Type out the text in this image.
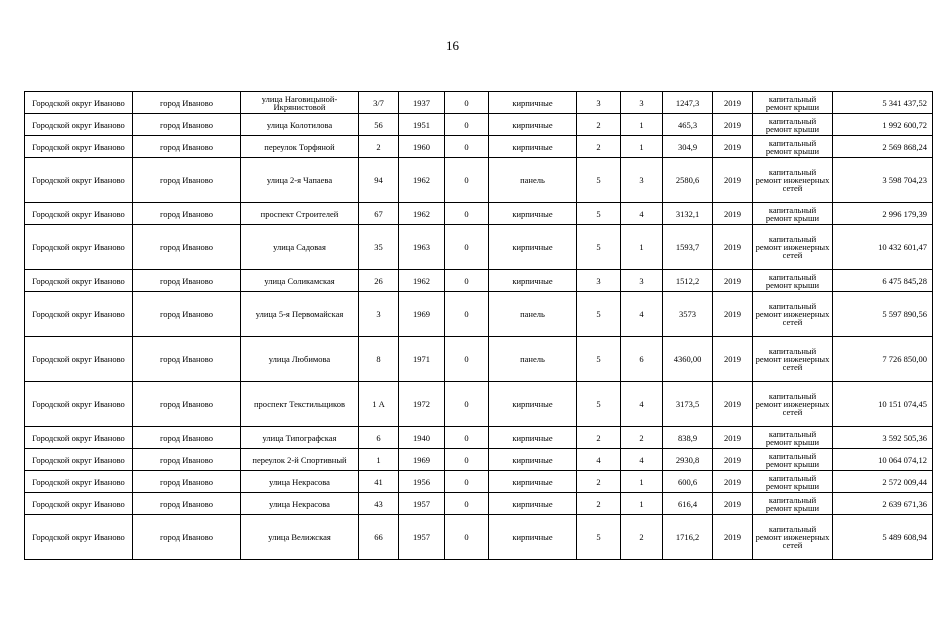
16
Городской округ Иваново	город Иваново	улица Наговицыной-Икрянистовой	3/7	1937	0	кирпичные	3	3	1247,3	2019	капитальный ремонт крыши	5 341 437,52
Городской округ Иваново	город Иваново	улица Колотилова	56	1951	0	кирпичные	2	1	465,3	2019	капитальный ремонт крыши	1 992 600,72
Городской округ Иваново	город Иваново	переулок Торфяной	2	1960	0	кирпичные	2	1	304,9	2019	капитальный ремонт крыши	2 569 868,24
Городской округ Иваново	город Иваново	улица 2-я Чапаева	94	1962	0	панель	5	3	2580,6	2019	капитальный ремонт инженерных сетей	3 598 704,23
Городской округ Иваново	город Иваново	проспект Строителей	67	1962	0	кирпичные	5	4	3132,1	2019	капитальный ремонт крыши	2 996 179,39
Городской округ Иваново	город Иваново	улица Садовая	35	1963	0	кирпичные	5	1	1593,7	2019	капитальный ремонт инженерных сетей	10 432 601,47
Городской округ Иваново	город Иваново	улица Соликамская	26	1962	0	кирпичные	3	3	1512,2	2019	капитальный ремонт крыши	6 475 845,28
Городской округ Иваново	город Иваново	улица 5-я Первомайская	3	1969	0	панель	5	4	3573	2019	капитальный ремонт инженерных сетей	5 597 890,56
Городской округ Иваново	город Иваново	улица Любимова	8	1971	0	панель	5	6	4360,00	2019	капитальный ремонт инженерных сетей	7 726 850,00
Городской округ Иваново	город Иваново	проспект Текстильщиков	1 А	1972	0	кирпичные	5	4	3173,5	2019	капитальный ремонт инженерных сетей	10 151 074,45
Городской округ Иваново	город Иваново	улица Типографская	6	1940	0	кирпичные	2	2	838,9	2019	капитальный ремонт крыши	3 592 505,36
Городской округ Иваново	город Иваново	переулок 2-й Спортивный	1	1969	0	кирпичные	4	4	2930,8	2019	капитальный ремонт крыши	10 064 074,12
Городской округ Иваново	город Иваново	улица Некрасова	41	1956	0	кирпичные	2	1	600,6	2019	капитальный ремонт крыши	2 572 009,44
Городской округ Иваново	город Иваново	улица Некрасова	43	1957	0	кирпичные	2	1	616,4	2019	капитальный ремонт крыши	2 639 671,36
Городской округ Иваново	город Иваново	улица Велижская	66	1957	0	кирпичные	5	2	1716,2	2019	капитальный ремонт инженерных сетей	5 489 608,94
